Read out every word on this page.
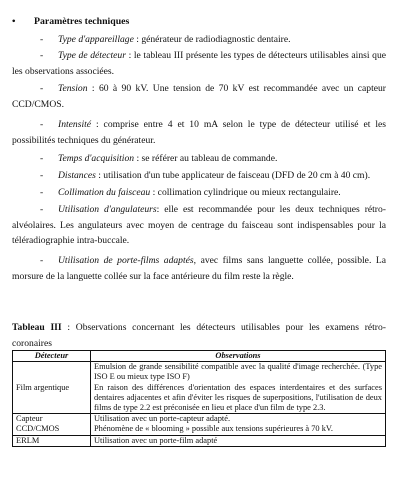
• Paramètres techniques
- Type d'appareillage : générateur de radiodiagnostic dentaire.
- Type de détecteur : le tableau III présente les types de détecteurs utilisables ainsi que les observations associées.
- Tension : 60 à 90 kV. Une tension de 70 kV est recommandée avec un capteur CCD/CMOS.
- Intensité : comprise entre 4 et 10 mA selon le type de détecteur utilisé et les possibilités techniques du générateur.
- Temps d'acquisition : se référer au tableau de commande.
- Distances : utilisation d'un tube applicateur de faisceau (DFD de 20 cm à 40 cm).
- Collimation du faisceau : collimation cylindrique ou mieux rectangulaire.
- Utilisation d'angulateurs: elle est recommandée pour les deux techniques rétro-alvéolaires. Les angulateurs avec moyen de centrage du faisceau sont indispensables pour la téléradiographie intra-buccale.
- Utilisation de porte-films adaptés, avec films sans languette collée, possible. La morsure de la languette collée sur la face antérieure du film reste la règle.
Tableau III : Observations concernant les détecteurs utilisables pour les examens rétro-coronaires
Détecteur	Observations
Film argentique	Emulsion de grande sensibilité compatible avec la qualité d'image recherchée. (Type ISO E ou mieux type ISO F)
En raison des différences d'orientation des espaces interdentaires et des surfaces dentaires adjacentes et afin d'éviter les risques de superpositions, l'utilisation de deux films de type 2.2 est préconisée en lieu et place d'un film de type 2.3.

Capteur CCD/CMOS	Utilisation avec un porte-capteur adapté.
Phénomène de « blooming » possible aux tensions supérieures à 70 kV.

ERLM	Utilisation avec un porte-film adapté
